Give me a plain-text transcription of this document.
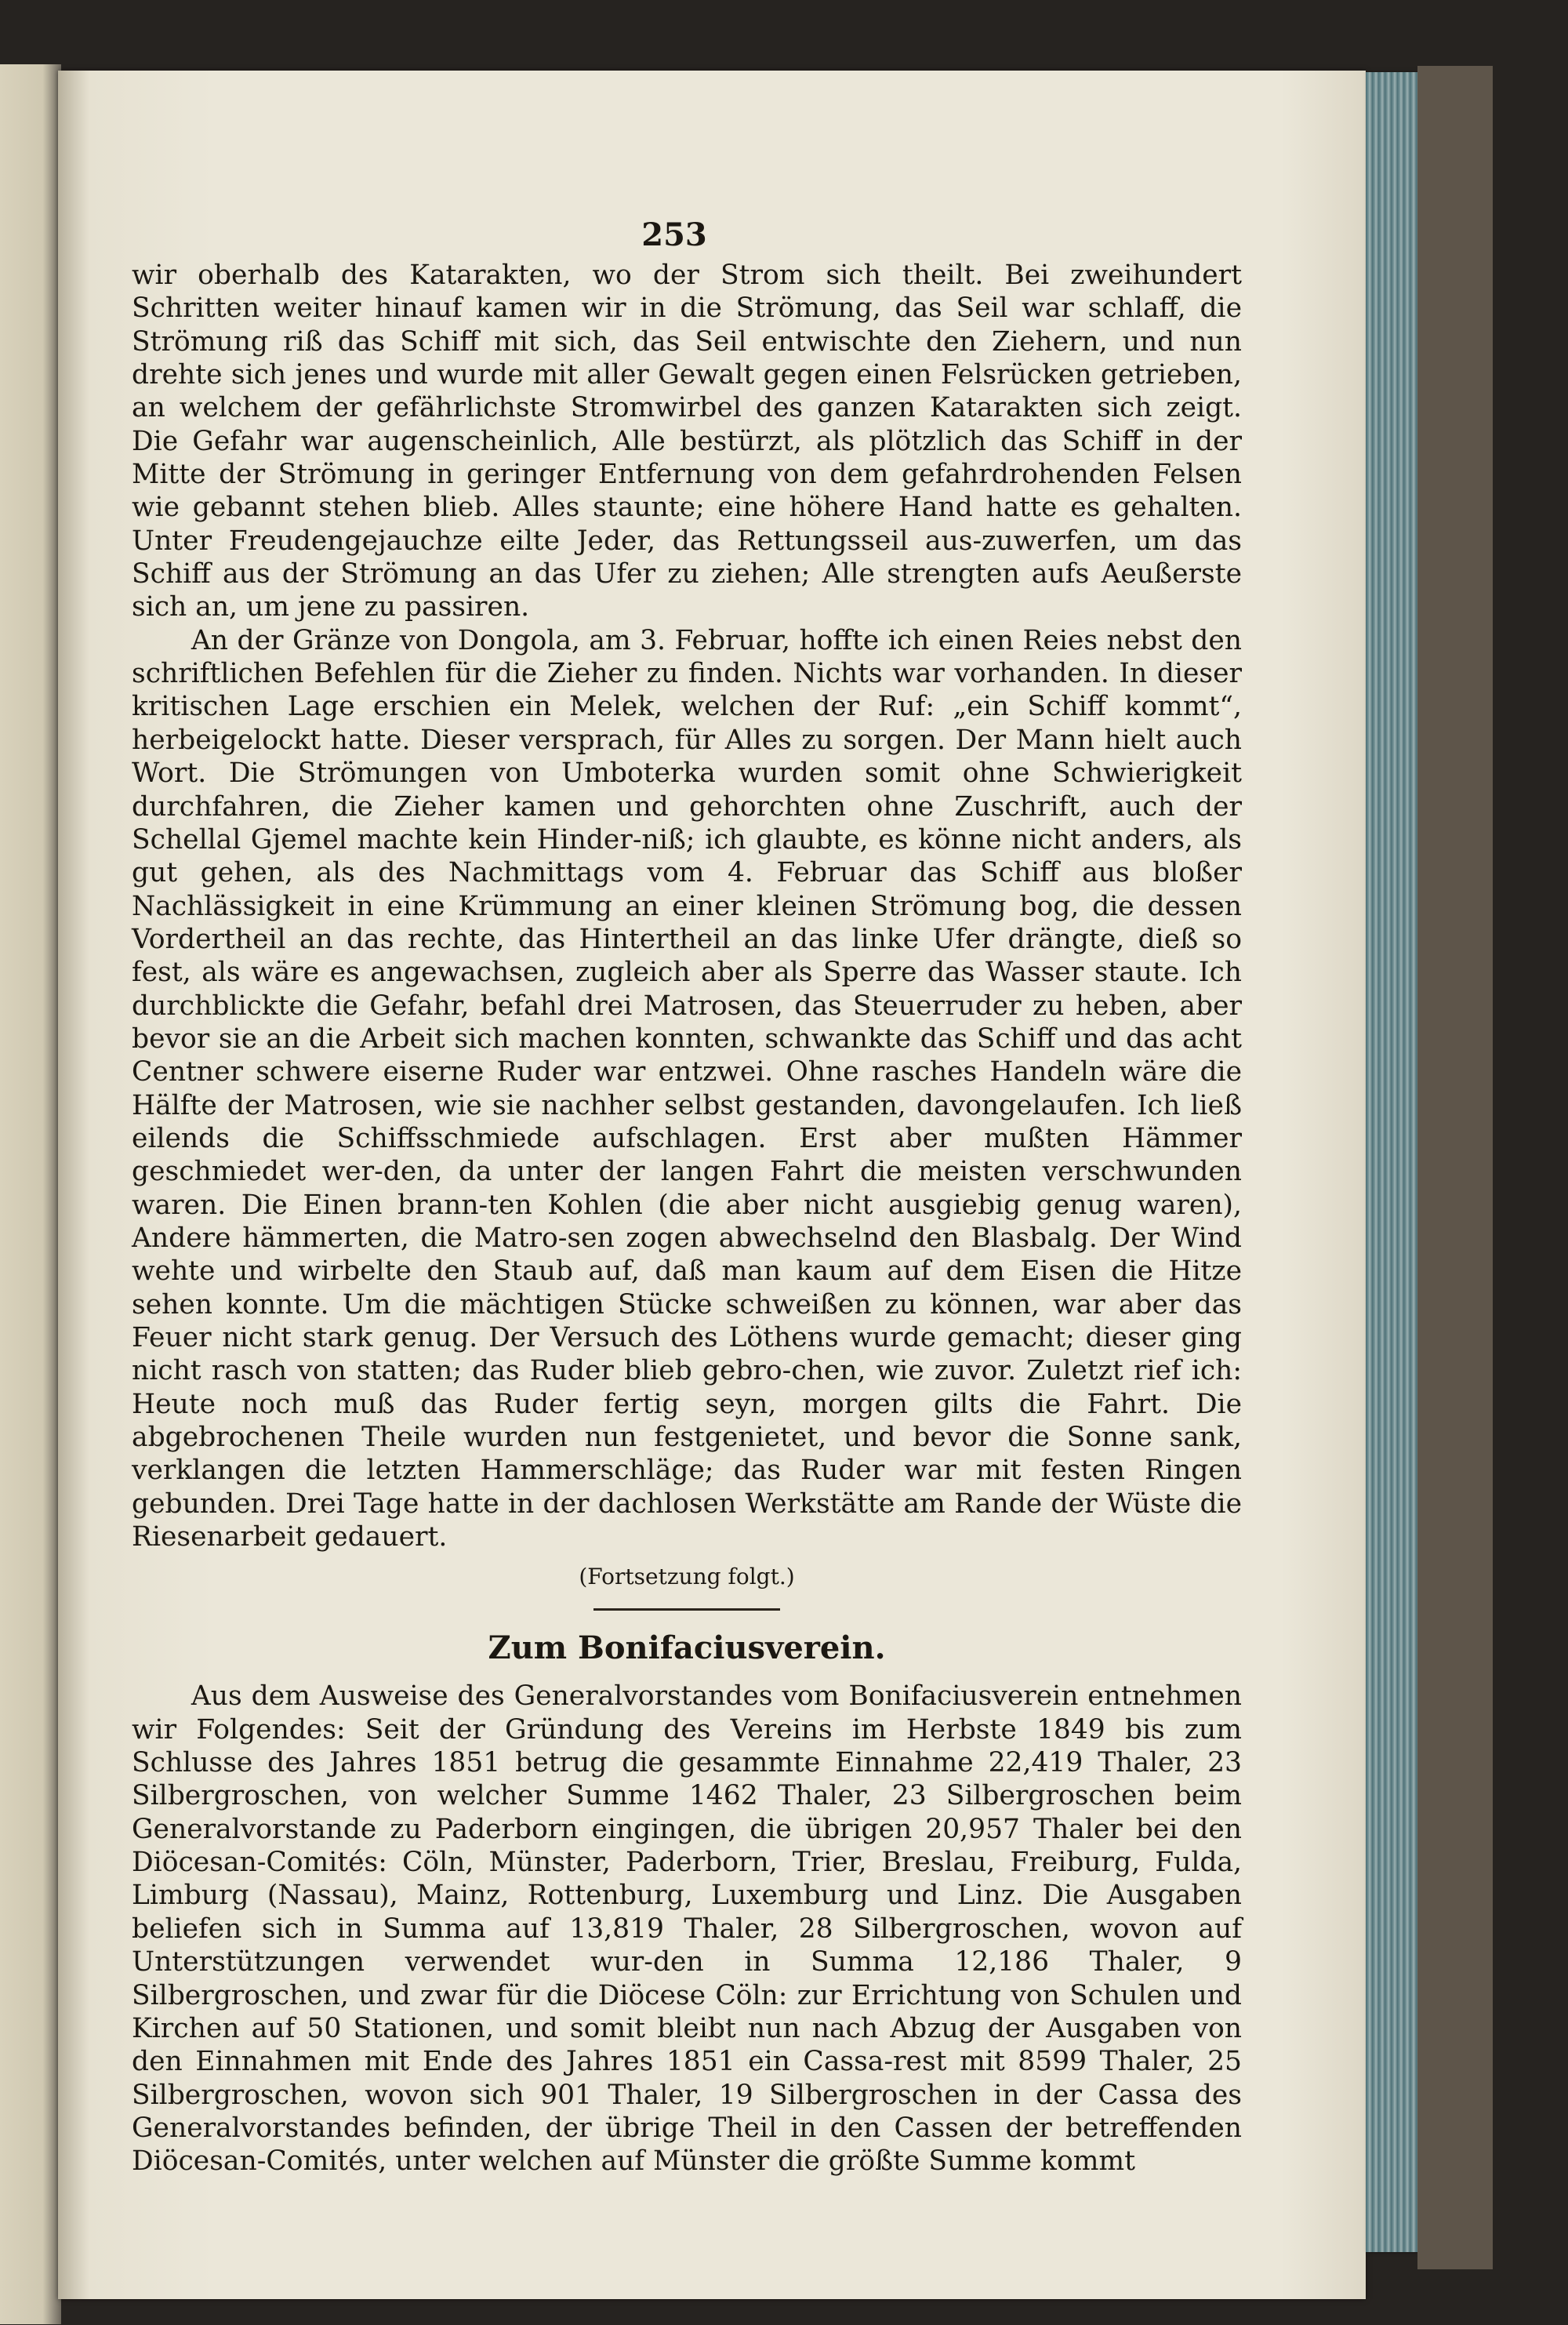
253

wir oberhalb des Katarakten, wo der Strom sich theilt. Bei zweihundert Schritten weiter hinauf kamen wir in die Strömung, das Seil war schlaff, die Strömung riß das Schiff mit sich, das Seil entwischte den Ziehern, und nun drehte sich jenes und wurde mit aller Gewalt gegen einen Felsrücken getrieben, an welchem der gefährlichste Stromwirbel des ganzen Katarakten sich zeigt. Die Gefahr war augenscheinlich, Alle bestürzt, als plötzlich das Schiff in der Mitte der Strömung in geringer Entfernung von dem gefahrdrohenden Felsen wie gebannt stehen blieb. Alles staunte; eine höhere Hand hatte es gehalten. Unter Freudengejauchze eilte Jeder, das Rettungsseil aus-zuwerfen, um das Schiff aus der Strömung an das Ufer zu ziehen; Alle strengten aufs Aeußerste sich an, um jene zu passiren.

An der Gränze von Dongola, am 3. Februar, hoffte ich einen Reies nebst den schriftlichen Befehlen für die Zieher zu finden. Nichts war vorhanden. In dieser kritischen Lage erschien ein Melek, welchen der Ruf: „ein Schiff kommt“, herbeigelockt hatte. Dieser versprach, für Alles zu sorgen. Der Mann hielt auch Wort. Die Strömungen von Umboterka wurden somit ohne Schwierigkeit durchfahren, die Zieher kamen und gehorchten ohne Zuschrift, auch der Schellal Gjemel machte kein Hinder-niß; ich glaubte, es könne nicht anders, als gut gehen, als des Nachmittags vom 4. Februar das Schiff aus bloßer Nachlässigkeit in eine Krümmung an einer kleinen Strömung bog, die dessen Vordertheil an das rechte, das Hintertheil an das linke Ufer drängte, dieß so fest, als wäre es angewachsen, zugleich aber als Sperre das Wasser staute. Ich durchblickte die Gefahr, befahl drei Matrosen, das Steuerruder zu heben, aber bevor sie an die Arbeit sich machen konnten, schwankte das Schiff und das acht Centner schwere eiserne Ruder war entzwei. Ohne rasches Handeln wäre die Hälfte der Matrosen, wie sie nachher selbst gestanden, davongelaufen. Ich ließ eilends die Schiffsschmiede aufschlagen. Erst aber mußten Hämmer geschmiedet wer-den, da unter der langen Fahrt die meisten verschwunden waren. Die Einen brann-ten Kohlen (die aber nicht ausgiebig genug waren), Andere hämmerten, die Matro-sen zogen abwechselnd den Blasbalg. Der Wind wehte und wirbelte den Staub auf, daß man kaum auf dem Eisen die Hitze sehen konnte. Um die mächtigen Stücke schweißen zu können, war aber das Feuer nicht stark genug. Der Versuch des Löthens wurde gemacht; dieser ging nicht rasch von statten; das Ruder blieb gebro-chen, wie zuvor. Zuletzt rief ich: Heute noch muß das Ruder fertig seyn, morgen gilts die Fahrt. Die abgebrochenen Theile wurden nun festgenietet, und bevor die Sonne sank, verklangen die letzten Hammerschläge; das Ruder war mit festen Ringen gebunden. Drei Tage hatte in der dachlosen Werkstätte am Rande der Wüste die Riesenarbeit gedauert.

(Fortsetzung folgt.)

Zum Bonifaciusverein.

Aus dem Ausweise des Generalvorstandes vom Bonifaciusverein entnehmen wir Folgendes: Seit der Gründung des Vereins im Herbste 1849 bis zum Schlusse des Jahres 1851 betrug die gesammte Einnahme 22,419 Thaler, 23 Silbergroschen, von welcher Summe 1462 Thaler, 23 Silbergroschen beim Generalvorstande zu Paderborn eingingen, die übrigen 20,957 Thaler bei den Diöcesan-Comités: Cöln, Münster, Paderborn, Trier, Breslau, Freiburg, Fulda, Limburg (Nassau), Mainz, Rottenburg, Luxemburg und Linz. Die Ausgaben beliefen sich in Summa auf 13,819 Thaler, 28 Silbergroschen, wovon auf Unterstützungen verwendet wur-den in Summa 12,186 Thaler, 9 Silbergroschen, und zwar für die Diöcese Cöln: zur Errichtung von Schulen und Kirchen auf 50 Stationen, und somit bleibt nun nach Abzug der Ausgaben von den Einnahmen mit Ende des Jahres 1851 ein Cassa-rest mit 8599 Thaler, 25 Silbergroschen, wovon sich 901 Thaler, 19 Silbergroschen in der Cassa des Generalvorstandes befinden, der übrige Theil in den Cassen der betreffenden Diöcesan-Comités, unter welchen auf Münster die größte Summe kommt
